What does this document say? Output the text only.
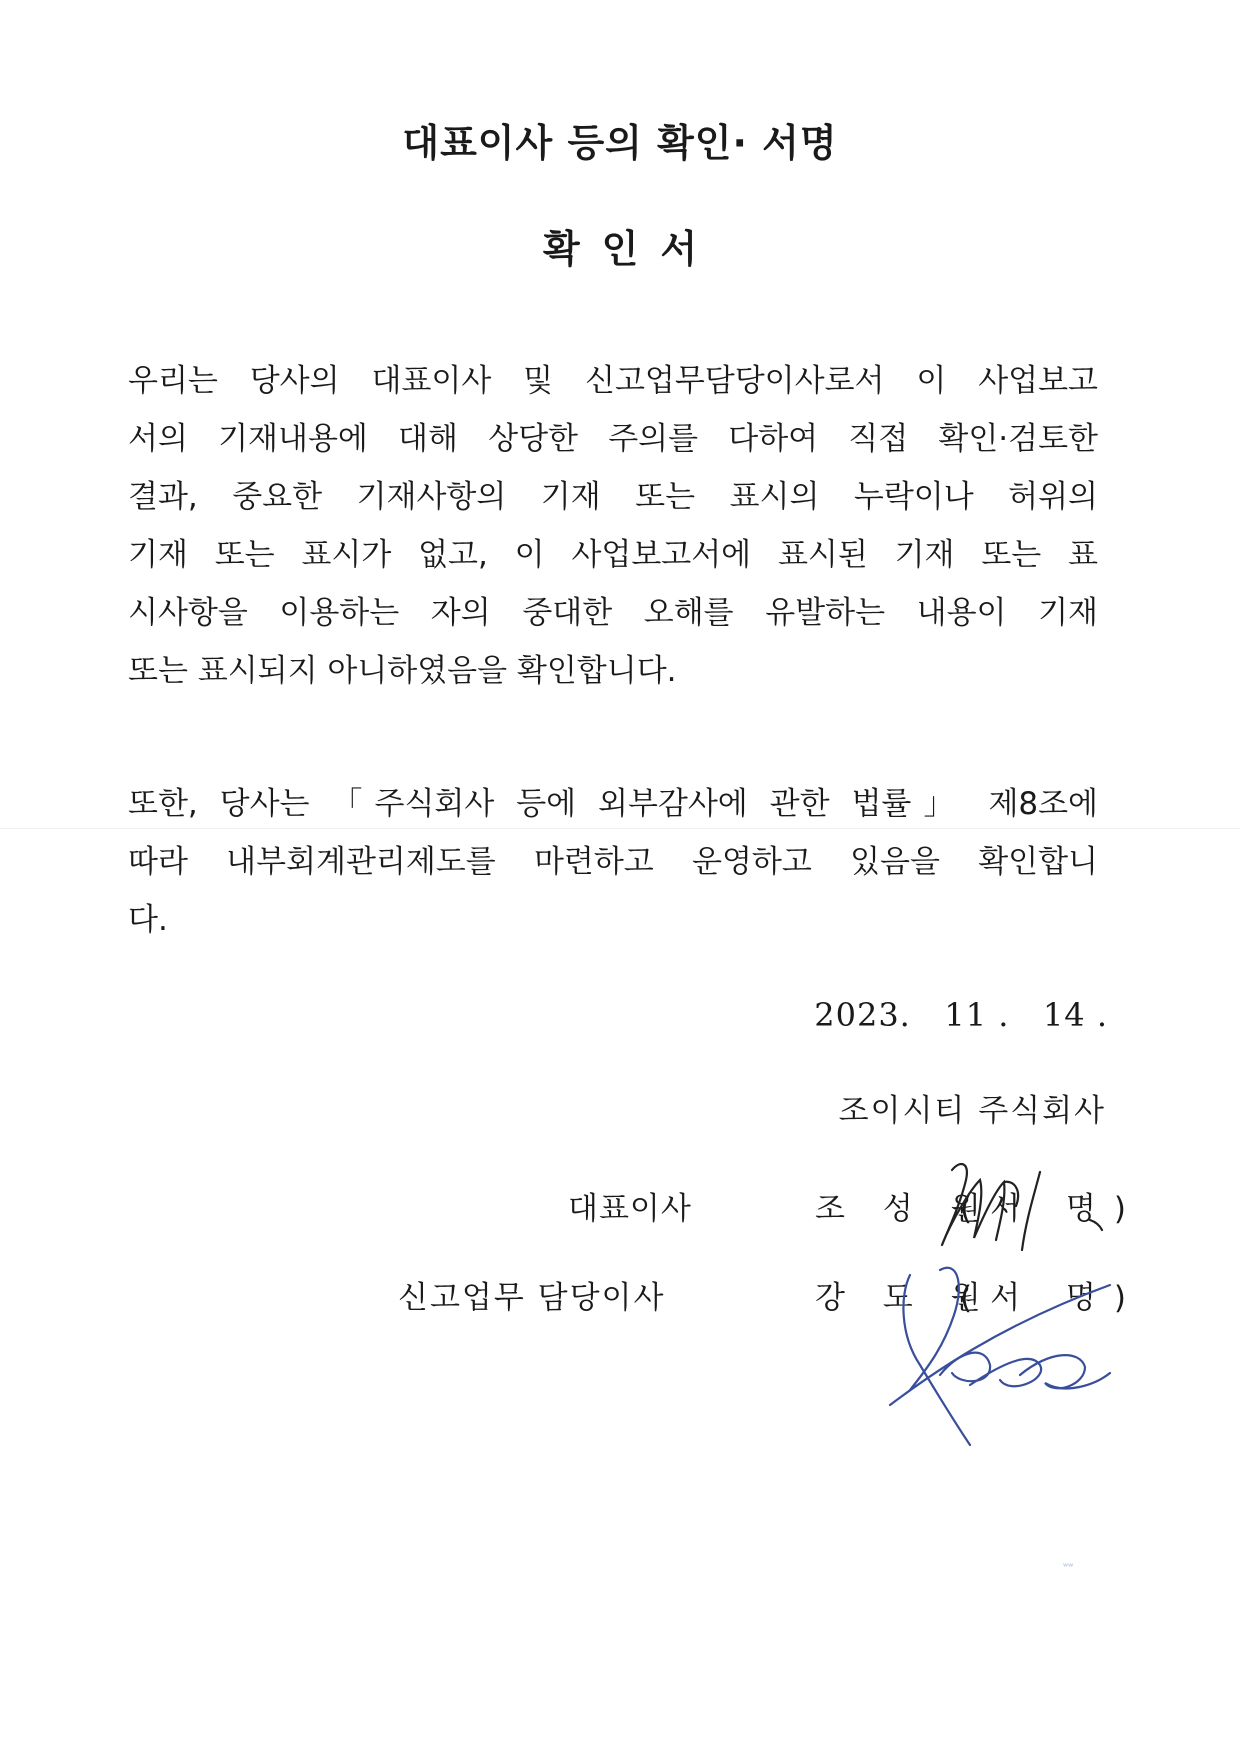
대표이사 등의 확인· 서명
확인서
우리는 당사의 대표이사 및 신고업무담당이사로서 이 사업보고
서의 기재내용에 대해 상당한 주의를 다하여 직접 확인·검토한
결과, 중요한 기재사항의 기재 또는 표시의 누락이나 허위의
기재 또는 표시가 없고, 이 사업보고서에 표시된 기재 또는 표
시사항을 이용하는 자의 중대한 오해를 유발하는 내용이 기재
또는 표시되지 아니하였음을 확인합니다.
또한, 당사는 「주식회사 등에 외부감사에 관한 법률」 제8조에
따라 내부회계관리제도를 마련하고 운영하고 있음을 확인합니
다.
2023.   11 .   14 .
조이시티 주식회사
대표이사	조 성 원
(서 명)
신고업무 담당이사	강 도 원
(서 명)
ʷʷ
